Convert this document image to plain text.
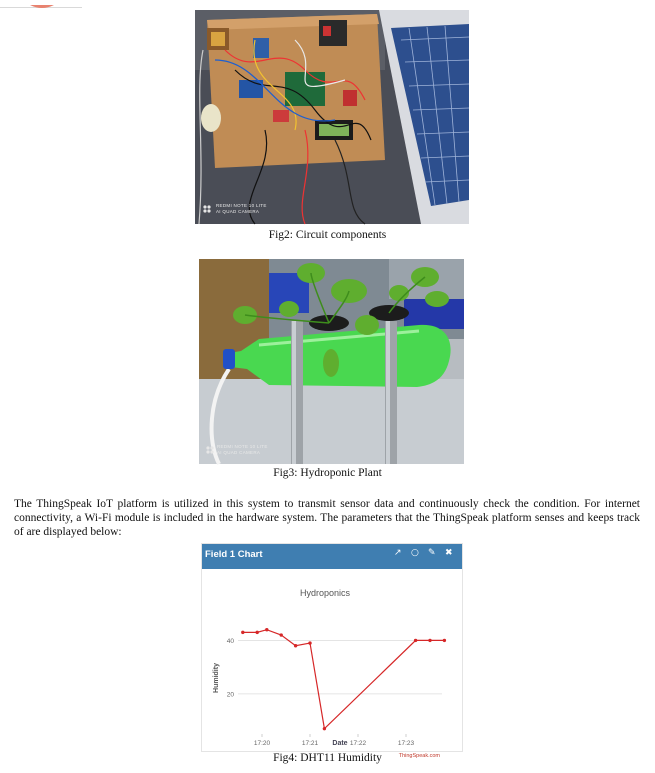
REDMI NOTE 10 LITE
AI QUAD CAMERA
Fig2: Circuit components
REDMI NOTE 10 LITE
AI QUAD CAMERA
Fig3: Hydroponic Plant
The ThingSpeak IoT platform is utilized in this system to transmit sensor data and continuously check the condition. For internet connectivity, a Wi-Fi module is included in the hardware system. The parameters that the ThingSpeak platform senses and keeps track of are displayed below:
Field 1 Chart	↗ ○ ✎ ✖
Hydroponics
20
40
17:20	17:21	17:22	17:23
Humidity
Date
ThingSpeak.com
Fig4: DHT11 Humidity
